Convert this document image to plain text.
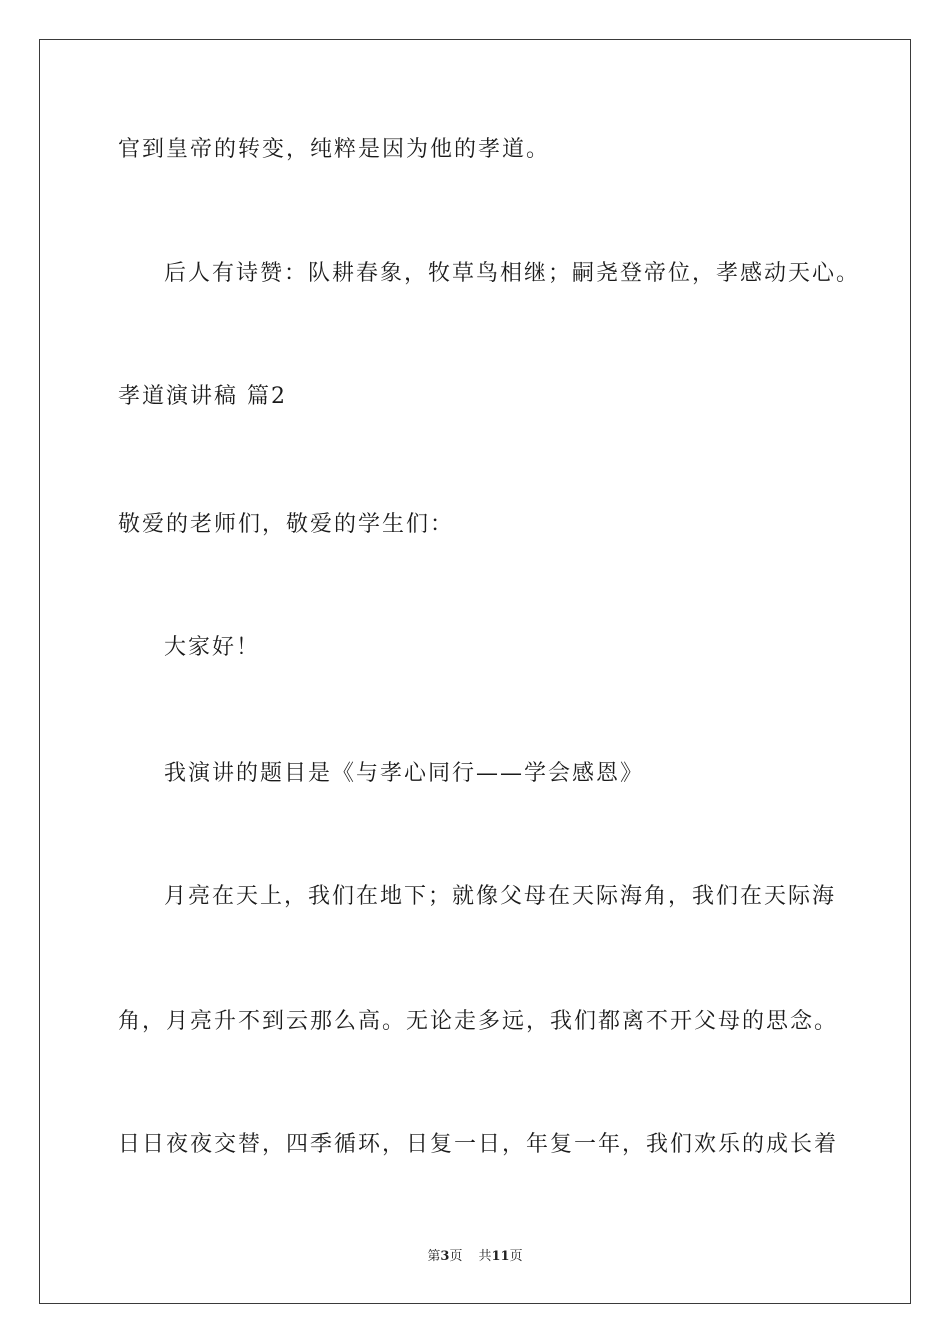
官到皇帝的转变，纯粹是因为他的孝道。
后人有诗赞：队耕春象，牧草鸟相继；嗣尧登帝位，孝感动天心。
孝道演讲稿 篇2
敬爱的老师们，敬爱的学生们：
大家好！
我演讲的题目是《与孝心同行——学会感恩》
月亮在天上，我们在地下；就像父母在天际海角，我们在天际海
角，月亮升不到云那么高。无论走多远，我们都离不开父母的思念。
日日夜夜交替，四季循环，日复一日，年复一年，我们欢乐的成长着
第3页 共11页
